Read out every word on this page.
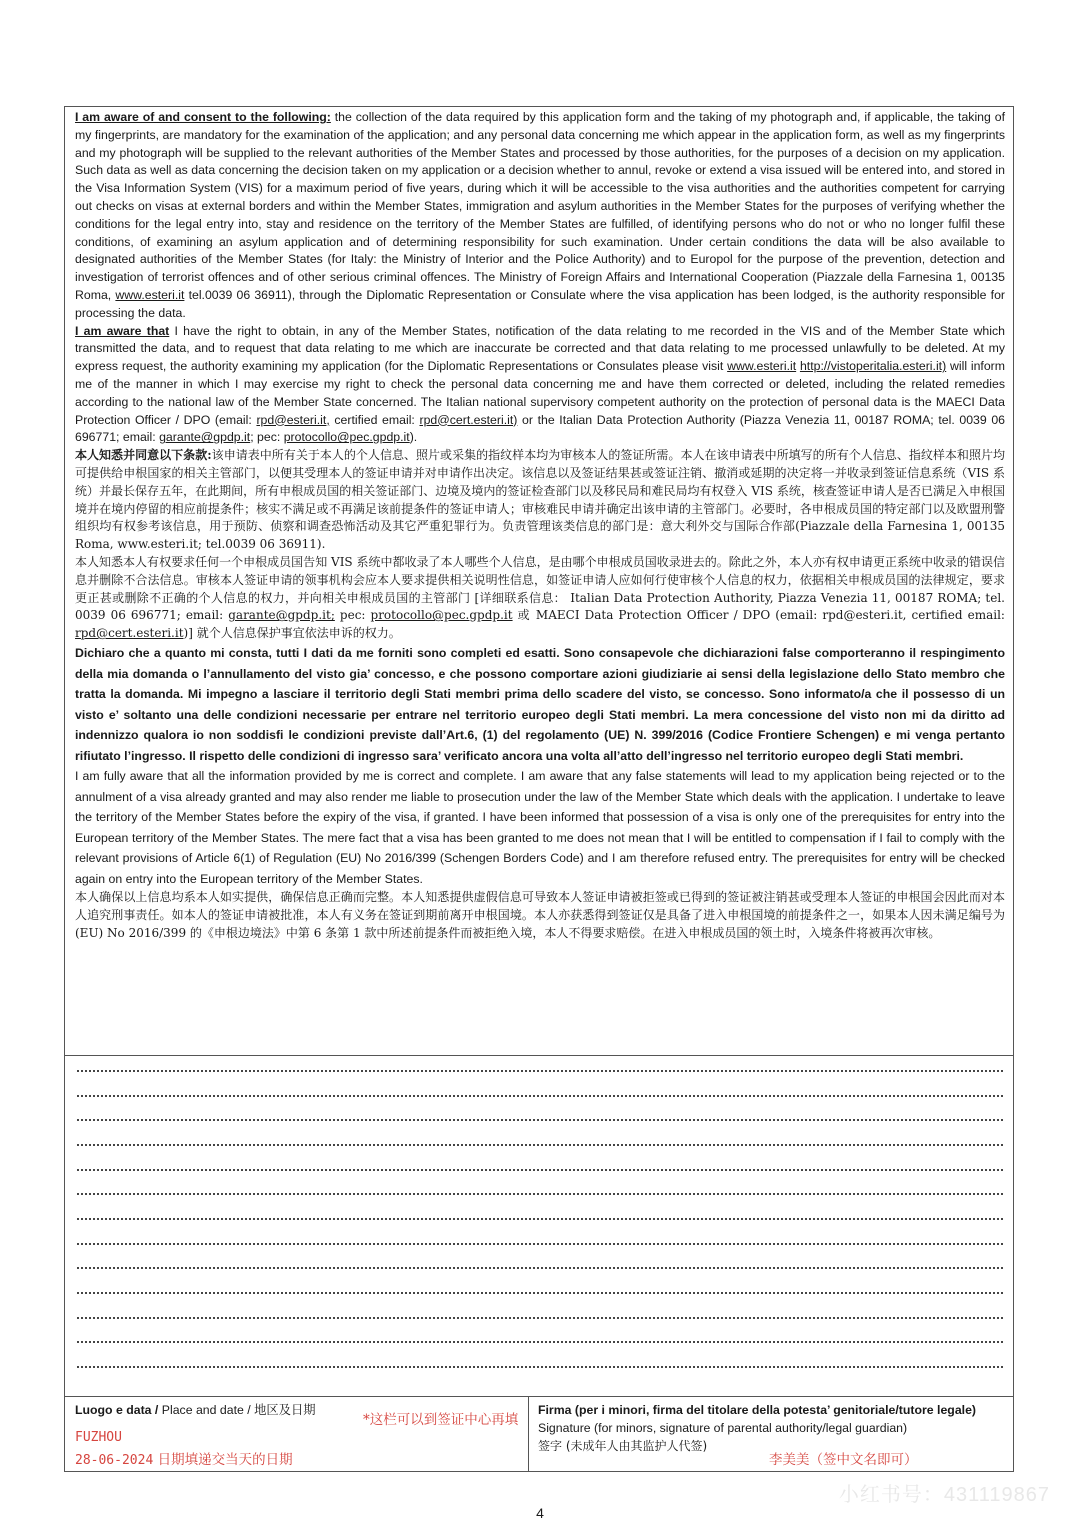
I am aware of and consent to the following: the collection of the data required by this application form and the taking of my photograph and, if applicable, the taking of my fingerprints, are mandatory for the examination of the application; and any personal data concerning me which appear in the application form, as well as my fingerprints and my photograph will be supplied to the relevant authorities of the Member States and processed by those authorities, for the purposes of a decision on my application. Such data as well as data concerning the decision taken on my application or a decision whether to annul, revoke or extend a visa issued will be entered into, and stored in the Visa Information System (VIS) for a maximum period of five years, during which it will be accessible to the visa authorities and the authorities competent for carrying out checks on visas at external borders and within the Member States, immigration and asylum authorities in the Member States for the purposes of verifying whether the conditions for the legal entry into, stay and residence on the territory of the Member States are fulfilled, of identifying persons who do not or who no longer fulfil these conditions, of examining an asylum application and of determining responsibility for such examination. Under certain conditions the data will be also available to designated authorities of the Member States (for Italy: the Ministry of Interior and the Police Authority) and to Europol for the purpose of the prevention, detection and investigation of terrorist offences and of other serious criminal offences. The Ministry of Foreign Affairs and International Cooperation (Piazzale della Farnesina 1, 00135 Roma, www.esteri.it tel.0039 06 36911), through the Diplomatic Representation or Consulate where the visa application has been lodged, is the authority responsible for processing the data.

I am aware that I have the right to obtain, in any of the Member States, notification of the data relating to me recorded in the VIS and of the Member State which transmitted the data, and to request that data relating to me which are inaccurate be corrected and that data relating to me processed unlawfully to be deleted. At my express request, the authority examining my application (for the Diplomatic Representations or Consulates please visit www.esteri.it http://vistoperitalia.esteri.it) will inform me of the manner in which I may exercise my right to check the personal data concerning me and have them corrected or deleted, including the related remedies according to the national law of the Member State concerned. The Italian national supervisory competent authority on the protection of personal data is the MAECI Data Protection Officer / DPO (email: rpd@esteri.it, certified email: rpd@cert.esteri.it) or the Italian Data Protection Authority (Piazza Venezia 11, 00187 ROMA; tel. 0039 06 696771; email: garante@gpdp.it; pec: protocollo@pec.gpdp.it).

本人知悉并同意以下条款:该申请表中所有关于本人的个人信息、照片或采集的指纹样本均为审核本人的签证所需。本人在该申请表中所填写的所有个人信息、指纹样本和照片均可提供给申根国家的相关主管部门，以便其受理本人的签证申请并对申请作出决定。该信息以及签证结果甚或签证注销、撤消或延期的决定将一并收录到签证信息系统（VIS 系统）并最长保存五年，在此期间，所有申根成员国的相关签证部门、边境及境内的签证检查部门以及移民局和难民局均有权登入 VIS 系统，核查签证申请人是否已满足入申根国境并在境内停留的相应前提条件；核实不满足或不再满足该前提条件的签证申请人；审核难民申请并确定出该申请的主管部门。必要时，各申根成员国的特定部门以及欧盟刑警组织均有权参考该信息，用于预防、侦察和调查恐怖活动及其它严重犯罪行为。负责管理该类信息的部门是：意大利外交与国际合作部(Piazzale della Farnesina 1, 00135 Roma, www.esteri.it; tel.0039 06 36911).

本人知悉本人有权要求任何一个申根成员国告知 VIS 系统中都收录了本人哪些个人信息，是由哪个申根成员国收录进去的。除此之外，本人亦有权申请更正系统中收录的错误信息并删除不合法信息。审核本人签证申请的领事机构会应本人要求提供相关说明性信息，如签证申请人应如何行使审核个人信息的权力，依据相关申根成员国的法律规定，要求更正甚或删除不正确的个人信息的权力，并向相关申根成员国的主管部门 [详细联系信息： Italian Data Protection Authority, Piazza Venezia 11, 00187 ROMA; tel. 0039 06 696771; email: garante@gpdp.it; pec: protocollo@pec.gpdp.it 或 MAECI Data Protection Officer / DPO (email: rpd@esteri.it, certified email: rpd@cert.esteri.it)] 就个人信息保护事宜依法申诉的权力。

Dichiaro che a quanto mi consta, tutti I dati da me forniti sono completi ed esatti. Sono consapevole che dichiarazioni false comporteranno il respingimento della mia domanda o l’annullamento del visto gia’ concesso, e che possono comportare azioni giudiziarie ai sensi della legislazione dello Stato membro che tratta la domanda. Mi impegno a lasciare il territorio degli Stati membri prima dello scadere del visto, se concesso. Sono informato/a che il possesso di un visto e’ soltanto una delle condizioni necessarie per entrare nel territorio europeo degli Stati membri. La mera concessione del visto non mi da diritto ad indennizzo qualora io non soddisfi le condizioni previste dall’Art.6, (1) del regolamento (UE) N. 399/2016 (Codice Frontiere Schengen) e mi venga pertanto rifiutato l’ingresso. Il rispetto delle condizioni di ingresso sara’ verificato ancora una volta all’atto dell’ingresso nel territorio europeo degli Stati membri.

I am fully aware that all the information provided by me is correct and complete. I am aware that any false statements will lead to my application being rejected or to the annulment of a visa already granted and may also render me liable to prosecution under the law of the Member State which deals with the application. I undertake to leave the territory of the Member States before the expiry of the visa, if granted. I have been informed that possession of a visa is only one of the prerequisites for entry into the European territory of the Member States. The mere fact that a visa has been granted to me does not mean that I will be entitled to compensation if I fail to comply with the relevant provisions of Article 6(1) of Regulation (EU) No 2016/399 (Schengen Borders Code) and I am therefore refused entry. The prerequisites for entry will be checked again on entry into the European territory of the Member States.

本人确保以上信息均系本人如实提供，确保信息正确而完整。本人知悉提供虚假信息可导致本人签证申请被拒签或已得到的签证被注销甚或受理本人签证的申根国会因此而对本人追究刑事责任。如本人的签证申请被批准，本人有义务在签证到期前离开申根国境。本人亦获悉得到签证仅是具备了进入申根国境的前提条件之一，如果本人因未满足编号为(EU) No 2016/399 的《申根边境法》中第 6 条第 1 款中所述前提条件而被拒绝入境，本人不得要求赔偿。在进入申根成员国的领土时，入境条件将被再次审核。

Luogo e data / Place and date / 地区及日期
FUZHOU
28-06-2024 日期填递交当天的日期
*这栏可以到签证中心再填
Firma (per i minori, firma del titolare della potesta’ genitoriale/tutore legale)
Signature (for minors, signature of parental authority/legal guardian)
签字 (未成年人由其监护人代签)
李美美（签中文名即可）
4
小红书号：431119867
